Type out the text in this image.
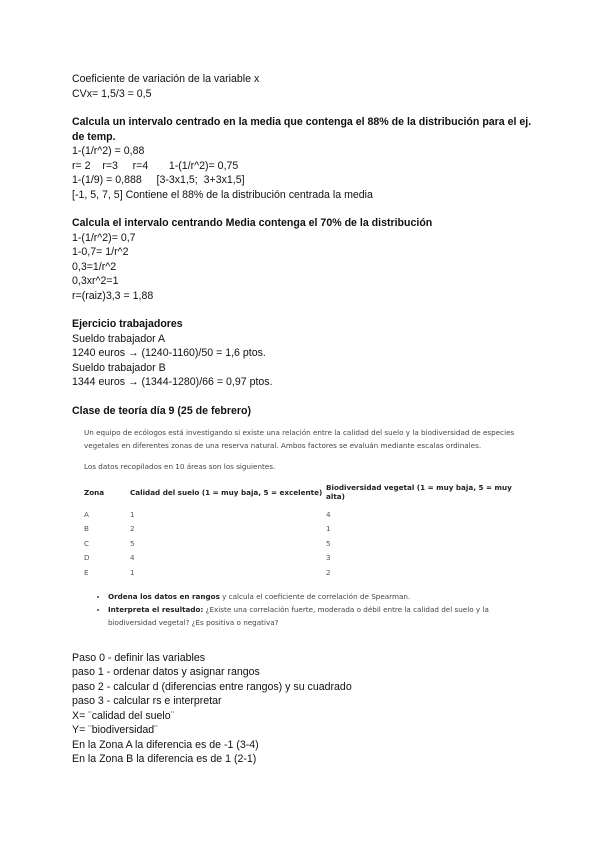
Coeficiente de variación de la variable x
CVx= 1,5/3 = 0,5
Calcula un intervalo centrado en la media que contenga el 88% de la distribución para el ej. de temp.
1-(1/r^2) = 0,88
r= 2    r=3     r=4       1-(1/r^2)= 0,75
1-(1/9) = 0,888     [3-3x1,5;  3+3x1,5]
[-1, 5, 7, 5] Contiene el 88% de la distribución centrada la media
Calcula el intervalo centrando Media contenga el 70% de la distribución
1-(1/r^2)= 0,7
1-0,7= 1/r^2
0,3=1/r^2
0,3xr^2=1
r=(raiz)3,3 = 1,88
Ejercicio trabajadores
Sueldo trabajador A
1240 euros → (1240-1160)/50 = 1,6 ptos.
Sueldo trabajador B
1344 euros → (1344-1280)/66 = 0,97 ptos.
Clase de teoría día 9 (25 de febrero)
Un equipo de ecólogos está investigando si existe una relación entre la calidad del suelo y la biodiversidad de especies vegetales en diferentes zonas de una reserva natural. Ambos factores se evaluán mediante escalas ordinales.
Los datos recopilados en 10 áreas son los siguientes.
Zona	Calidad del suelo (1 = muy baja, 5 = excelente)	Biodiversidad vegetal (1 = muy baja, 5 = muy alta)
A	1	4
B	2	1
C	5	5
D	4	3
E	1	2
• Ordena los datos en rangos y calcula el coeficiente de correlación de Spearman.
• Interpreta el resultado: ¿Existe una correlación fuerte, moderada o débil entre la calidad del suelo y la biodiversidad vegetal? ¿Es positiva o negativa?
Paso 0 - definir las variables
paso 1 - ordenar datos y asignar rangos
paso 2 - calcular d (diferencias entre rangos) y su cuadrado
paso 3 - calcular rs e interpretar
X= ¨calidad del suelo¨
Y= ¨biodiversidad¨
En la Zona A la diferencia es de -1 (3-4)
En la Zona B la diferencia es de 1 (2-1)
